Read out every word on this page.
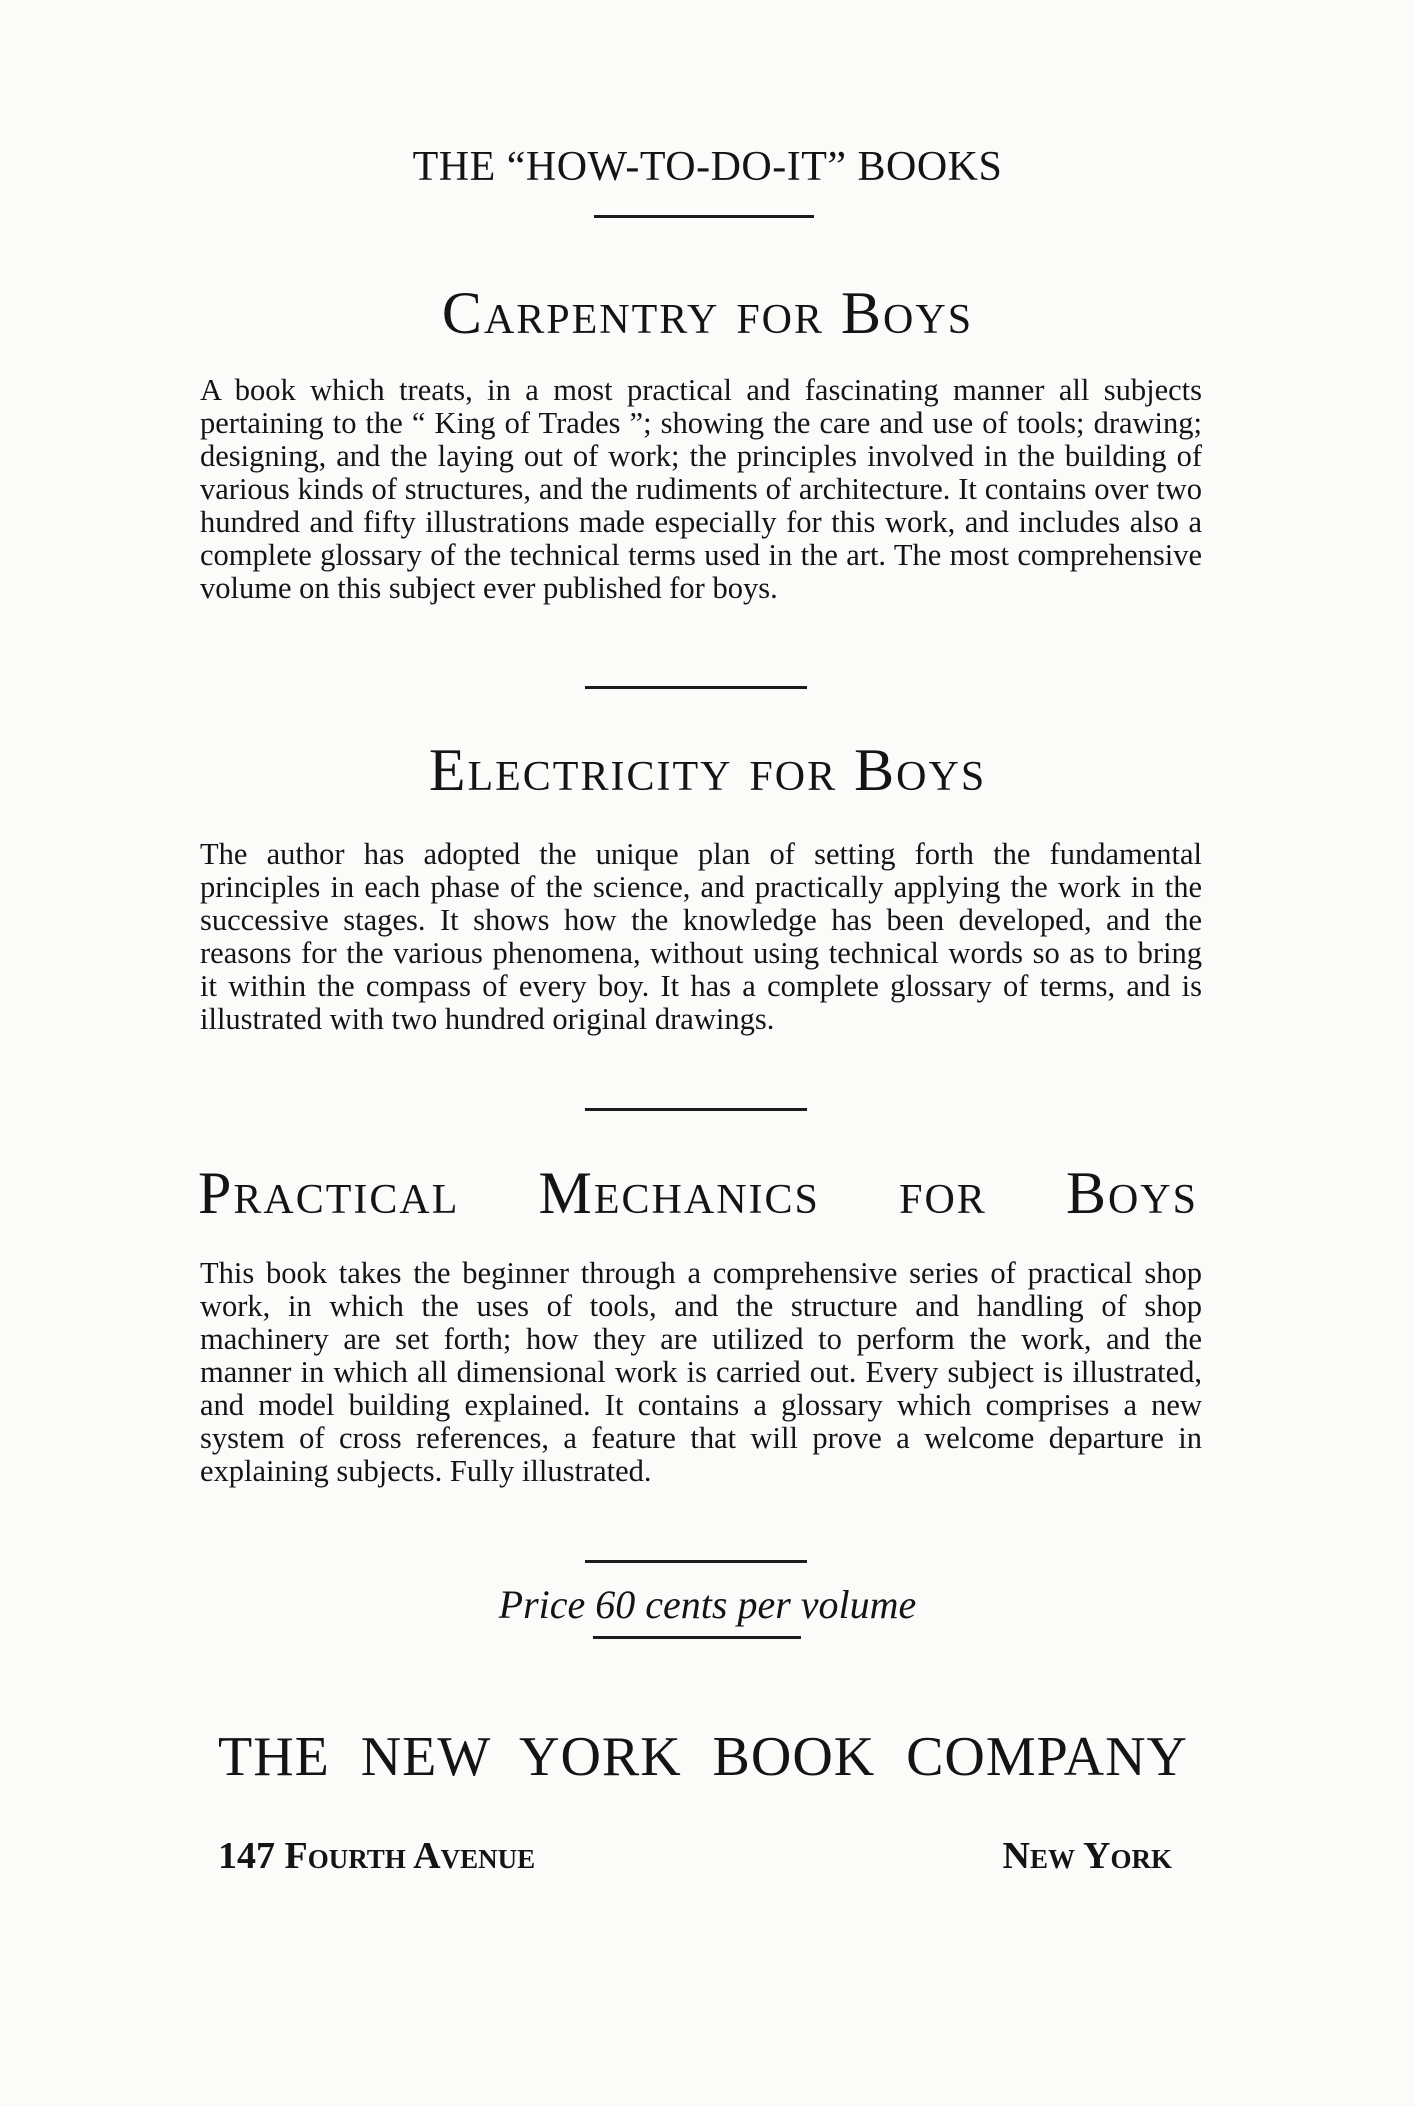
THE “HOW-TO-DO-IT” BOOKS
Carpentry for Boys

A book which treats, in a most practical and fascinating manner all subjects pertaining to the “ King of Trades ”; showing the care and use of tools; drawing; designing, and the laying out of work; the principles involved in the building of various kinds of structures, and the rudiments of architecture. It contains over two hundred and fifty illustrations made especially for this work, and includes also a complete glossary of the technical terms used in the art. The most comprehensive volume on this subject ever published for boys.

Electricity for Boys

The author has adopted the unique plan of setting forth the fundamental principles in each phase of the science, and practically applying the work in the successive stages. It shows how the knowledge has been developed, and the reasons for the various phenomena, without using technical words so as to bring it within the compass of every boy. It has a complete glossary of terms, and is illustrated with two hundred original drawings.

Practical Mechanics for Boys

This book takes the beginner through a comprehensive series of practical shop work, in which the uses of tools, and the structure and handling of shop machinery are set forth; how they are utilized to perform the work, and the manner in which all dimensional work is carried out. Every subject is illustrated, and model building explained. It contains a glossary which comprises a new system of cross references, a feature that will prove a welcome departure in explaining subjects. Fully illustrated.

Price 60 cents per volume

THE NEW YORK BOOK COMPANY

147 Fourth Avenue	New York
